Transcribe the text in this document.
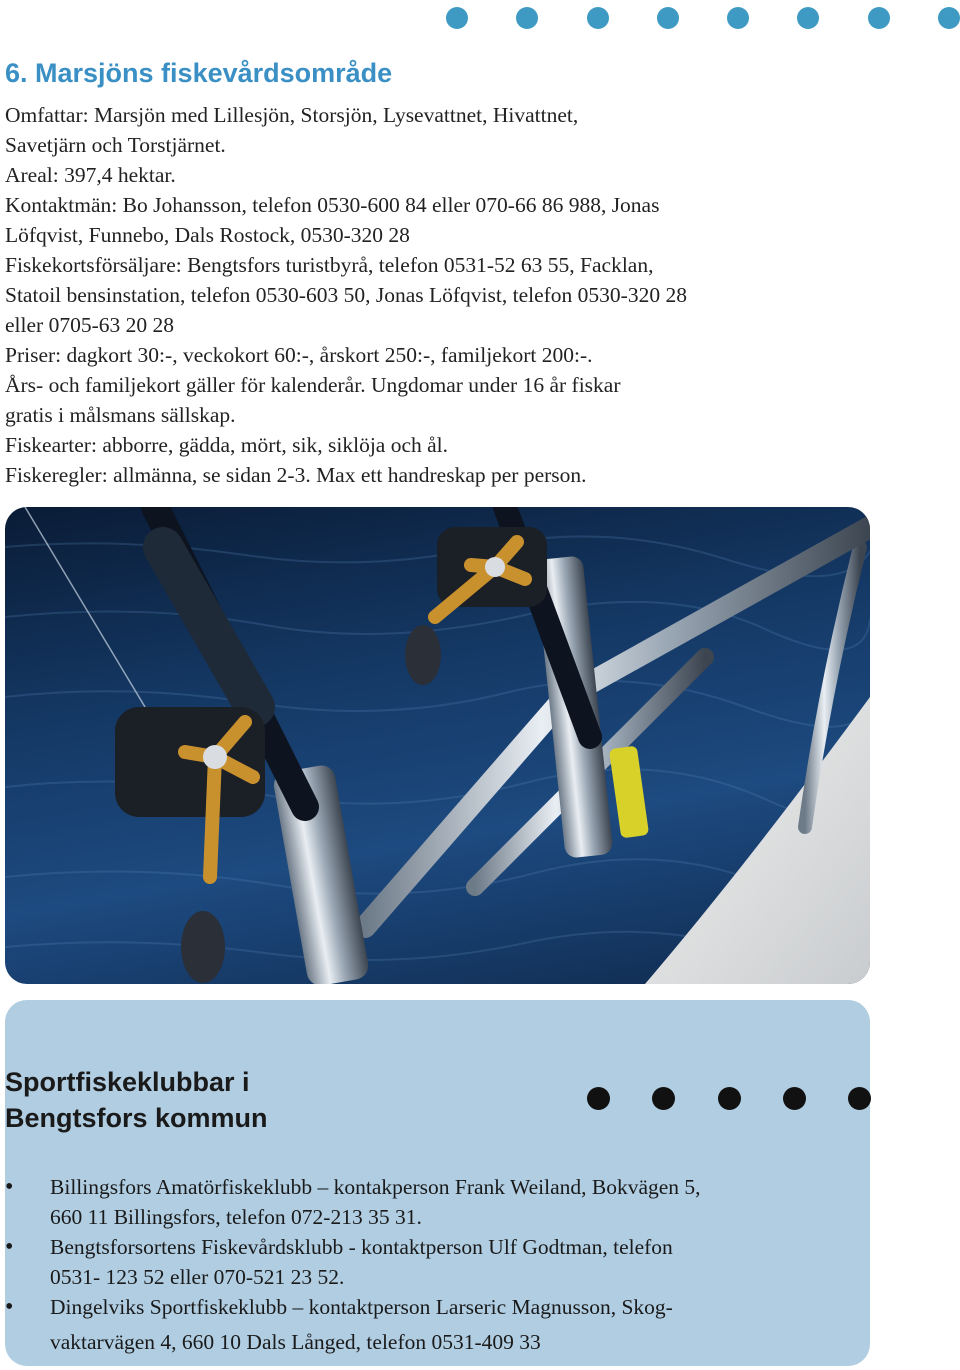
6. Marsjöns fiskevårdsområde

Omfattar: Marsjön med Lillesjön, Storsjön, Lysevattnet, Hivattnet,
Savetjärn och Torstjärnet.

Areal: 397,4 hektar.

Kontaktmän: Bo Johansson, telefon 0530-600 84 eller 070-66 86 988, Jonas
Löfqvist, Funnebo, Dals Rostock, 0530-320 28

Fiskekortsförsäljare: Bengtsfors turistbyrå, telefon 0531-52 63 55, Facklan,
Statoil bensinstation, telefon 0530-603 50, Jonas Löfqvist, telefon 0530-320 28
eller 0705-63 20 28

Priser: dagkort 30:-, veckokort 60:-, årskort 250:-, familjekort 200:-.

Års- och familjekort gäller för kalenderår. Ungdomar under 16 år fiskar
gratis i målsmans sällskap.

Fiskearter: abborre, gädda, mört, sik, siklöja och ål.

Fiskeregler: allmänna, se sidan 2-3. Max ett handreskap per person.

Sportfiskeklubbar i
Bengtsfors kommun
• Billingsfors Amatörfiskeklubb – kontakperson Frank Weiland, Bokvägen 5,
660 11 Billingsfors, telefon 072-213 35 31.
• Bengtsforsortens Fiskevårdsklubb - kontaktperson Ulf Godtman, telefon
0531- 123 52 eller 070-521 23 52.
• Dingelviks Sportfiskeklubb – kontaktperson Larseric Magnusson, Skog-
vaktarvägen 4, 660 10 Dals Långed, telefon 0531-409 33
